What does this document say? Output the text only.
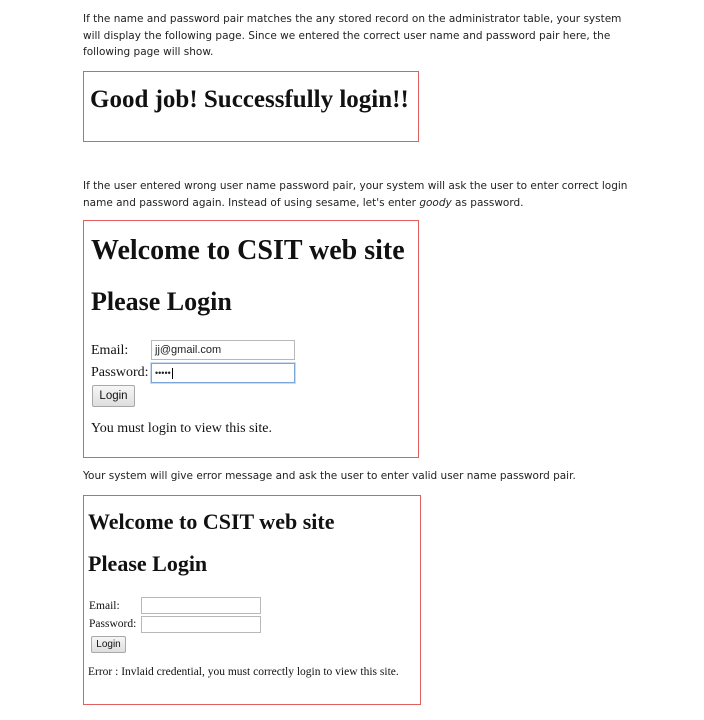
If the name and password pair matches the any stored record on the administrator table, your system
will display the following page. Since we entered the correct user name and password pair here, the
following page will show.
Good job! Successfully login!!
If the user entered wrong user name password pair, your system will ask the user to enter correct login
name and password again. Instead of using sesame, let's enter goody as password.
Welcome to CSIT web site
Please Login
Email:	jj@gmail.com
Password: •••••
Login
You must login to view this site.
Your system will give error message and ask the user to enter valid user name password pair.
Welcome to CSIT web site
Please Login
Email:
Password:
Login
Error : Invlaid credential, you must correctly login to view this site.
